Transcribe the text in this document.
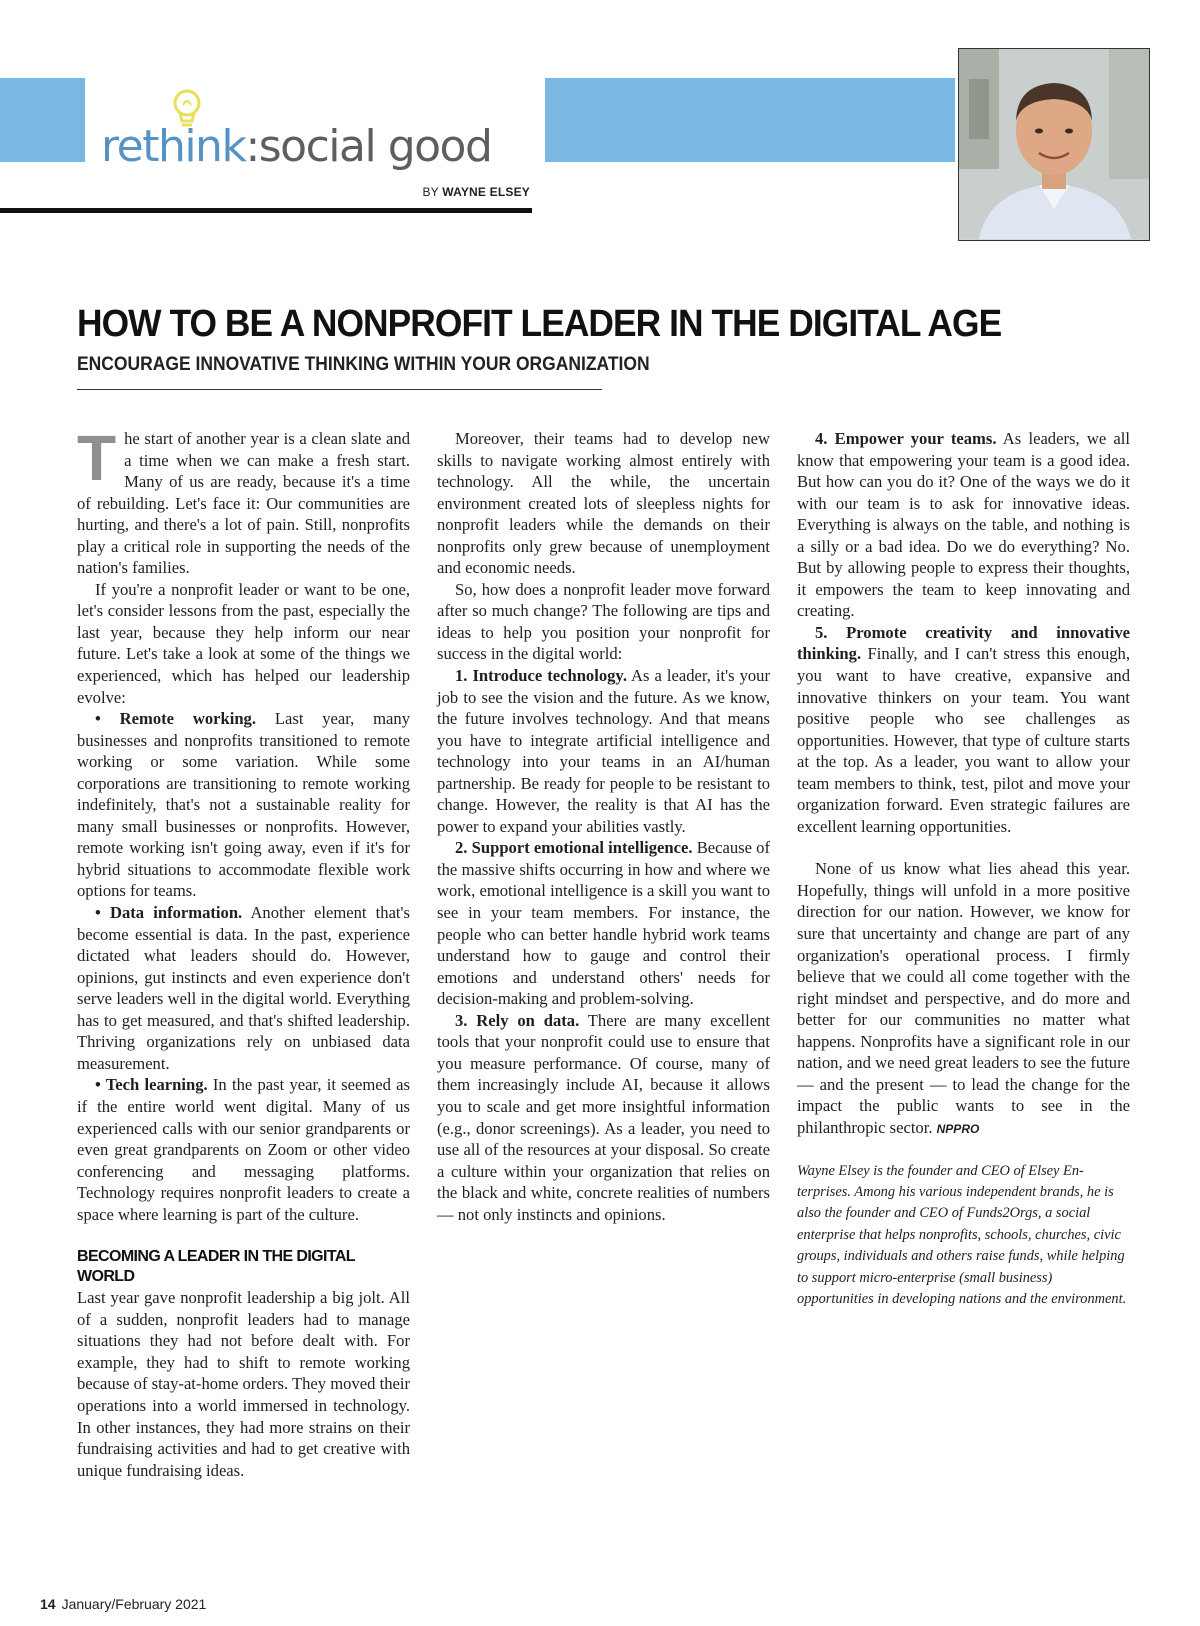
rethink:social good
BY WAYNE ELSEY
HOW TO BE A NONPROFIT LEADER IN THE DIGITAL AGE
ENCOURAGE INNOVATIVE THINKING WITHIN YOUR ORGANIZATION

The start of another year is a clean slate and a time when we can make a fresh start. Many of us are ready, because it's a time of rebuilding. Let's face it: Our communities are hurting, and there's a lot of pain. Still, nonprofits play a critical role in supporting the needs of the nation's families.

If you're a nonprofit leader or want to be one, let's consider lessons from the past, especially the last year, because they help inform our near future. Let's take a look at some of the things we experienced, which has helped our leadership evolve:

• Remote working. Last year, many businesses and nonprofits transitioned to remote working or some variation. While some corporations are transitioning to remote working indefinitely, that's not a sustainable reality for many small businesses or nonprofits. However, remote working isn't going away, even if it's for hybrid situations to accommodate flexible work options for teams.

• Data information. Another element that's become essential is data. In the past, experience dictated what leaders should do. However, opinions, gut instincts and even experience don't serve leaders well in the digital world. Everything has to get measured, and that's shifted leadership. Thriving organizations rely on unbiased data measurement.

• Tech learning. In the past year, it seemed as if the entire world went digital. Many of us experienced calls with our senior grandparents or even great grandparents on Zoom or other video conferencing and messaging platforms. Technology requires nonprofit leaders to create a space where learning is part of the culture.

BECOMING A LEADER IN THE DIGITAL WORLD

Last year gave nonprofit leadership a big jolt. All of a sudden, nonprofit leaders had to manage situations they had not before dealt with. For example, they had to shift to remote working because of stay-at-home orders. They moved their operations into a world immersed in technology. In other instances, they had more strains on their fundraising activities and had to get creative with unique fundraising ideas.

Moreover, their teams had to develop new skills to navigate working almost entirely with technology. All the while, the uncertain environment created lots of sleepless nights for nonprofit leaders while the demands on their nonprofits only grew because of unemployment and economic needs.

So, how does a nonprofit leader move forward after so much change? The following are tips and ideas to help you position your nonprofit for success in the digital world:

1. Introduce technology. As a leader, it's your job to see the vision and the future. As we know, the future involves technology. And that means you have to integrate artificial intelligence and technology into your teams in an AI/human partnership. Be ready for people to be resistant to change. However, the reality is that AI has the power to expand your abilities vastly.

2. Support emotional intelligence. Because of the massive shifts occurring in how and where we work, emotional intelligence is a skill you want to see in your team members. For instance, the people who can better handle hybrid work teams understand how to gauge and control their emotions and understand others' needs for decision-making and problem-solving.

3. Rely on data. There are many excellent tools that your nonprofit could use to ensure that you measure performance. Of course, many of them increasingly include AI, because it allows you to scale and get more insightful information (e.g., donor screenings). As a leader, you need to use all of the resources at your disposal. So create a culture within your organization that relies on the black and white, concrete realities of numbers — not only instincts and opinions.

4. Empower your teams. As leaders, we all know that empowering your team is a good idea. But how can you do it? One of the ways we do it with our team is to ask for innovative ideas. Everything is always on the table, and nothing is a silly or a bad idea. Do we do everything? No. But by allowing people to express their thoughts, it empowers the team to keep innovating and creating.

5. Promote creativity and innovative thinking. Finally, and I can't stress this enough, you want to have creative, expansive and innovative thinkers on your team. You want positive people who see challenges as opportunities. However, that type of culture starts at the top. As a leader, you want to allow your team members to think, test, pilot and move your organization forward. Even strategic failures are excellent learning opportunities.

None of us know what lies ahead this year. Hopefully, things will unfold in a more positive direction for our nation. However, we know for sure that uncertainty and change are part of any organization's operational process. I firmly believe that we could all come together with the right mindset and perspective, and do more and better for our communities no matter what happens. Nonprofits have a significant role in our nation, and we need great leaders to see the future — and the present — to lead the change for the impact the public wants to see in the philanthropic sector. NPPRO

Wayne Elsey is the founder and CEO of Elsey Enterprises. Among his various independent brands, he is also the founder and CEO of Funds2Orgs, a social enterprise that helps nonprofits, schools, churches, civic groups, individuals and others raise funds, while helping to support micro-enterprise (small business) opportunities in developing nations and the environment.

14 January/February 2021
